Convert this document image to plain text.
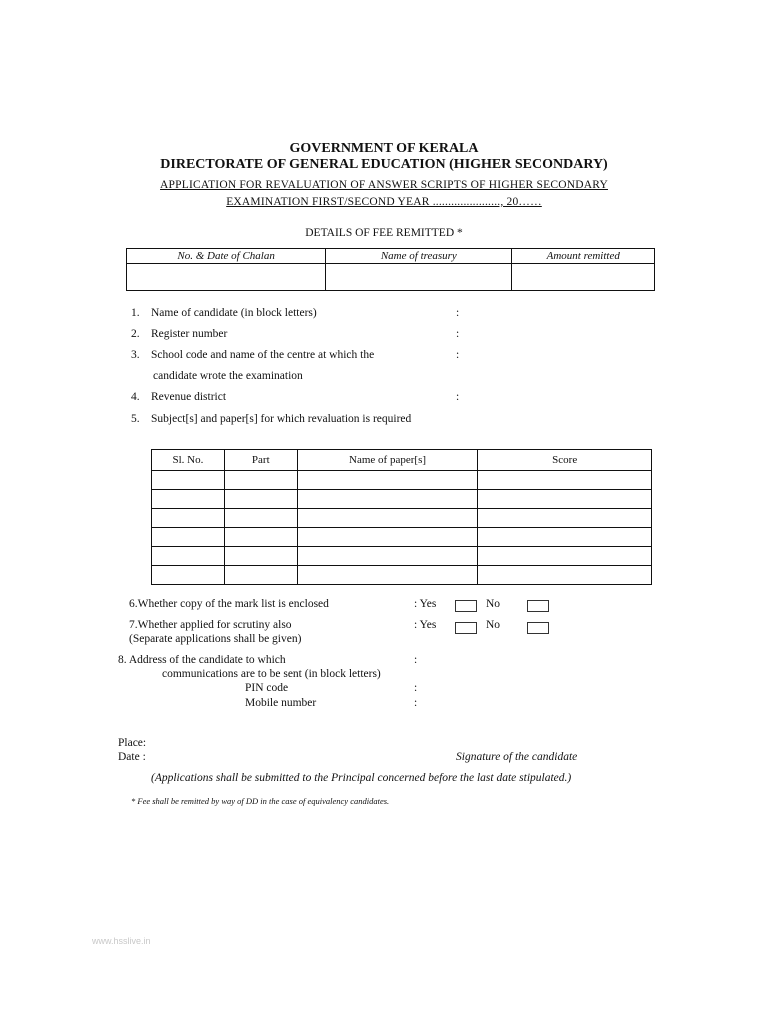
GOVERNMENT OF KERALA
DIRECTORATE OF GENERAL EDUCATION (HIGHER SECONDARY)
APPLICATION FOR REVALUATION OF ANSWER SCRIPTS OF HIGHER SECONDARY
EXAMINATION FIRST/SECOND YEAR ......................, 20……
DETAILS OF FEE REMITTED *
No. & Date of Chalan	Name of treasury	Amount remitted

1. Name of candidate (in block letters)	:
2. Register number	:
3. School code and name of the centre at which the	:
candidate wrote the examination
4. Revenue district	:
5. Subject[s] and paper[s] for which revaluation is required
Sl. No.	Part	Name of paper[s]	Score

6.Whether copy of the mark list is enclosed	: Yes	No
7.Whether applied for scrutiny also	: Yes	No
(Separate applications shall be given)
8. Address of the candidate to which	:
communications are to be sent (in block letters)
PIN code	:
Mobile number	:
Place:
Date :	Signature of the candidate
(Applications shall be submitted to the Principal concerned before the last date stipulated.)
* Fee shall be remitted by way of DD in the case of equivalency candidates.
www.hsslive.in
